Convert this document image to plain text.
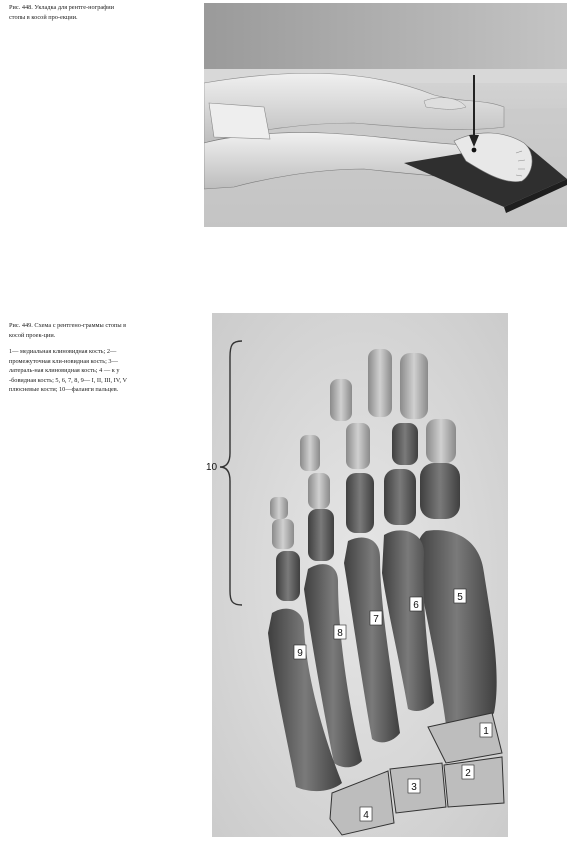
Рис. 448. Укладка для рентге-нографии стопы в косой про-екции.
Рис. 449. Схема с рентгено-граммы стопы в косой проек-ции.
1— медиальная клиновидная кость; 2— промежуточная кли-новидная кость; 3— латераль-ная клиновидная кость; 4 — к у -бовидная кость; 5, 6, 7, 8, 9— I, II, III, IV, V плюсневые кости; 10—фаланги пальцев.
1
2
3
4
5
6
7
8
9
10
